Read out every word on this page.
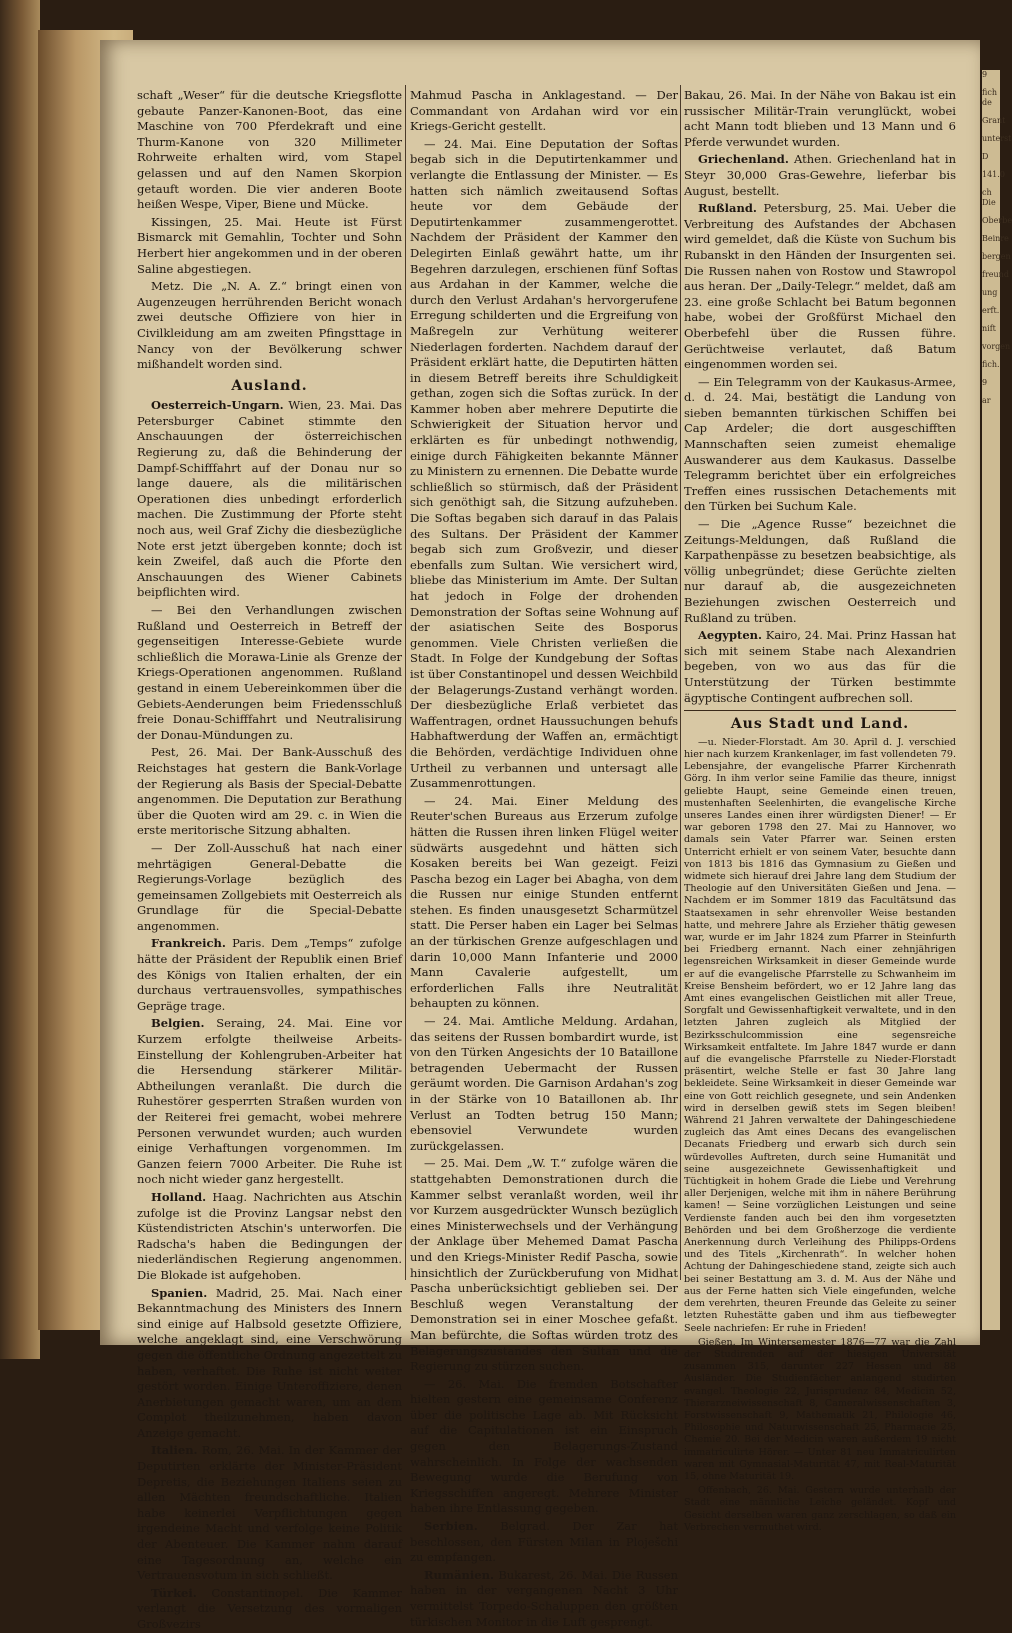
9
fich de
Grant
unterst
D
141.0
ch Die
Oberbe
Beinre
bergen
freund
ung
erft.
nift
vorgen
fich.
9
ar

schaft „Weser“ für die deutsche Kriegsflotte gebaute Panzer-Kanonen-Boot, das eine Maschine von 700 Pferdekraft und eine Thurm-Kanone von 320 Millimeter Rohrweite erhalten wird, vom Stapel gelassen und auf den Namen Skorpion getauft worden. Die vier anderen Boote heißen Wespe, Viper, Biene und Mücke.

Kissingen, 25. Mai. Heute ist Fürst Bismarck mit Gemahlin, Tochter und Sohn Herbert hier angekommen und in der oberen Saline abgestiegen.

Metz. Die „N. A. Z.“ bringt einen von Augenzeugen herrührenden Bericht wonach zwei deutsche Offiziere von hier in Civilkleidung am am zweiten Pfingsttage in Nancy von der Bevölkerung schwer mißhandelt worden sind.

Ausland.

Oesterreich-Ungarn. Wien, 23. Mai. Das Petersburger Cabinet stimmte den Anschauungen der österreichischen Regierung zu, daß die Behinderung der Dampf-Schifffahrt auf der Donau nur so lange dauere, als die militärischen Operationen dies unbedingt erforderlich machen. Die Zustimmung der Pforte steht noch aus, weil Graf Zichy die diesbezügliche Note erst jetzt übergeben konnte; doch ist kein Zweifel, daß auch die Pforte den Anschauungen des Wiener Cabinets beipflichten wird.

— Bei den Verhandlungen zwischen Rußland und Oesterreich in Betreff der gegenseitigen Interesse-Gebiete wurde schließlich die Morawa-Linie als Grenze der Kriegs-Operationen angenommen. Rußland gestand in einem Uebereinkommen über die Gebiets-Aenderungen beim Friedensschluß freie Donau-Schifffahrt und Neutralisirung der Donau-Mündungen zu.

Pest, 26. Mai. Der Bank-Ausschuß des Reichstages hat gestern die Bank-Vorlage der Regierung als Basis der Special-Debatte angenommen. Die Deputation zur Berathung über die Quoten wird am 29. c. in Wien die erste meritorische Sitzung abhalten.

— Der Zoll-Ausschuß hat nach einer mehrtägigen General-Debatte die Regierungs-Vorlage bezüglich des gemeinsamen Zollgebiets mit Oesterreich als Grundlage für die Special-Debatte angenommen.

Frankreich. Paris. Dem „Temps“ zufolge hätte der Präsident der Republik einen Brief des Königs von Italien erhalten, der ein durchaus vertrauensvolles, sympathisches Gepräge trage.

Belgien. Seraing, 24. Mai. Eine vor Kurzem erfolgte theilweise Arbeits-Einstellung der Kohlengruben-Arbeiter hat die Hersendung stärkerer Militär-Abtheilungen veranlaßt. Die durch die Ruhestörer gesperrten Straßen wurden von der Reiterei frei gemacht, wobei mehrere Personen verwundet wurden; auch wurden einige Verhaftungen vorgenommen. Im Ganzen feiern 7000 Arbeiter. Die Ruhe ist noch nicht wieder ganz hergestellt.

Holland. Haag. Nachrichten aus Atschin zufolge ist die Provinz Langsar nebst den Küstendistricten Atschin's unterworfen. Die Radscha's haben die Bedingungen der niederländischen Regierung angenommen. Die Blokade ist aufgehoben.

Spanien. Madrid, 25. Mai. Nach einer Bekanntmachung des Ministers des Innern sind einige auf Halbsold gesetzte Offiziere, welche angeklagt sind, eine Verschwörung gegen die öffentliche Ordnung angezettelt zu haben, verhaftet. Die Ruhe ist nicht weiter gestört worden. Einige Unteroffiziere, denen Anerbietungen gemacht waren, um an dem Complot theilzunehmen, haben davon Anzeige gemacht.

Italien. Rom, 26. Mai. In der Kammer der Deputirten erklärte der Minister-Präsident Depretis, die Beziehungen Italiens seien zu allen Mächten freundschaftliche. Italien habe keinerlei Verpflichtungen gegen irgendeine Macht und verfolge keine Politik der Abenteuer. Die Kammer nahm darauf eine Tagesordnung an, welche ein Vertrauensvotum in sich schließt.

Türkei. Constantinopel. Die Kammer verlangt die Versetzung des vormaligen Großvezirs

Mahmud Pascha in Anklagestand. — Der Commandant von Ardahan wird vor ein Kriegs-Gericht gestellt.

— 24. Mai. Eine Deputation der Softas begab sich in die Deputirtenkammer und verlangte die Entlassung der Minister. — Es hatten sich nämlich zweitausend Softas heute vor dem Gebäude der Deputirtenkammer zusammengerottet. Nachdem der Präsident der Kammer den Delegirten Einlaß gewährt hatte, um ihr Begehren darzulegen, erschienen fünf Softas aus Ardahan in der Kammer, welche die durch den Verlust Ardahan's hervorgerufene Erregung schilderten und die Ergreifung von Maßregeln zur Verhütung weiterer Niederlagen forderten. Nachdem darauf der Präsident erklärt hatte, die Deputirten hätten in diesem Betreff bereits ihre Schuldigkeit gethan, zogen sich die Softas zurück. In der Kammer hoben aber mehrere Deputirte die Schwierigkeit der Situation hervor und erklärten es für unbedingt nothwendig, einige durch Fähigkeiten bekannte Männer zu Ministern zu ernennen. Die Debatte wurde schließlich so stürmisch, daß der Präsident sich genöthigt sah, die Sitzung aufzuheben. Die Softas begaben sich darauf in das Palais des Sultans. Der Präsident der Kammer begab sich zum Großvezir, und dieser ebenfalls zum Sultan. Wie versichert wird, bliebe das Ministerium im Amte. Der Sultan hat jedoch in Folge der drohenden Demonstration der Softas seine Wohnung auf der asiatischen Seite des Bosporus genommen. Viele Christen verließen die Stadt. In Folge der Kundgebung der Softas ist über Constantinopel und dessen Weichbild der Belagerungs-Zustand verhängt worden. Der diesbezügliche Erlaß verbietet das Waffentragen, ordnet Haussuchungen behufs Habhaftwerdung der Waffen an, ermächtigt die Behörden, verdächtige Individuen ohne Urtheil zu verbannen und untersagt alle Zusammenrottungen.

— 24. Mai. Einer Meldung des Reuter'schen Bureaus aus Erzerum zufolge hätten die Russen ihren linken Flügel weiter südwärts ausgedehnt und hätten sich Kosaken bereits bei Wan gezeigt. Feizi Pascha bezog ein Lager bei Abagha, von dem die Russen nur einige Stunden entfernt stehen. Es finden unausgesetzt Scharmützel statt. Die Perser haben ein Lager bei Selmas an der türkischen Grenze aufgeschlagen und darin 10,000 Mann Infanterie und 2000 Mann Cavalerie aufgestellt, um erforderlichen Falls ihre Neutralität behaupten zu können.

— 24. Mai. Amtliche Meldung. Ardahan, das seitens der Russen bombardirt wurde, ist von den Türken Angesichts der 10 Bataillone betragenden Uebermacht der Russen geräumt worden. Die Garnison Ardahan's zog in der Stärke von 10 Bataillonen ab. Ihr Verlust an Todten betrug 150 Mann; ebensoviel Verwundete wurden zurückgelassen.

— 25. Mai. Dem „W. T.“ zufolge wären die stattgehabten Demonstrationen durch die Kammer selbst veranlaßt worden, weil ihr vor Kurzem ausgedrückter Wunsch bezüglich eines Ministerwechsels und der Verhängung der Anklage über Mehemed Damat Pascha und den Kriegs-Minister Redif Pascha, sowie hinsichtlich der Zurückberufung von Midhat Pascha unberücksichtigt geblieben sei. Der Beschluß wegen Veranstaltung der Demonstration sei in einer Moschee gefaßt. Man befürchte, die Softas würden trotz des Belagerungszustandes den Sultan und die Regierung zu stürzen suchen.

— 26. Mai. Die fremden Botschafter hielten gestern eine gemeinsame Conferenz über die politische Lage ab. Mit Rücksicht auf die Capitulationen ist ein Einspruch gegen den Belagerungs-Zustand wahrscheinlich. In Folge der wachsenden Bewegung wurde die Berufung von Kriegsschiffen angeregt. Mehrere Minister haben ihre Entlassung gegeben.

Serbien. Belgrad. Der Zar hat beschlossen, den Fürsten Milan in Ploješchi zu empfangen.

Rumänien. Bukarest, 26. Mai. Die Russen haben in der vergangenen Nacht 3 Uhr vermittelst Torpedo-Schaluppen den größten türkischen Monitor in die Luft gesprengt.

Bakau, 26. Mai. In der Nähe von Bakau ist ein russischer Militär-Train verunglückt, wobei acht Mann todt blieben und 13 Mann und 6 Pferde verwundet wurden.

Griechenland. Athen. Griechenland hat in Steyr 30,000 Gras-Gewehre, lieferbar bis August, bestellt.

Rußland. Petersburg, 25. Mai. Ueber die Verbreitung des Aufstandes der Abchasen wird gemeldet, daß die Küste von Suchum bis Rubanskt in den Händen der Insurgenten sei. Die Russen nahen von Rostow und Stawropol aus heran. Der „Daily-Telegr.“ meldet, daß am 23. eine große Schlacht bei Batum begonnen habe, wobei der Großfürst Michael den Oberbefehl über die Russen führe. Gerüchtweise verlautet, daß Batum eingenommen worden sei.

— Ein Telegramm von der Kaukasus-Armee, d. d. 24. Mai, bestätigt die Landung von sieben bemannten türkischen Schiffen bei Cap Ardeler; die dort ausgeschifften Mannschaften seien zumeist ehemalige Auswanderer aus dem Kaukasus. Dasselbe Telegramm berichtet über ein erfolgreiches Treffen eines russischen Detachements mit den Türken bei Suchum Kale.

— Die „Agence Russe“ bezeichnet die Zeitungs-Meldungen, daß Rußland die Karpathenpässe zu besetzen beabsichtige, als völlig unbegründet; diese Gerüchte zielten nur darauf ab, die ausgezeichneten Beziehungen zwischen Oesterreich und Rußland zu trüben.

Aegypten. Kairo, 24. Mai. Prinz Hassan hat sich mit seinem Stabe nach Alexandrien begeben, von wo aus das für die Unterstützung der Türken bestimmte ägyptische Contingent aufbrechen soll.

Aus Stadt und Land.

—u. Nieder-Florstadt. Am 30. April d. J. verschied hier nach kurzem Krankenlager, im fast vollendeten 79. Lebensjahre, der evangelische Pfarrer Kirchenrath Görg. In ihm verlor seine Familie das theure, innigst geliebte Haupt, seine Gemeinde einen treuen, mustenhaften Seelenhirten, die evangelische Kirche unseres Landes einen ihrer würdigsten Diener! — Er war geboren 1798 den 27. Mai zu Hannover, wo damals sein Vater Pfarrer war. Seinen ersten Unterricht erhielt er von seinem Vater, besuchte dann von 1813 bis 1816 das Gymnasium zu Gießen und widmete sich hierauf drei Jahre lang dem Studium der Theologie auf den Universitäten Gießen und Jena. — Nachdem er im Sommer 1819 das Facultätsund das Staatsexamen in sehr ehrenvoller Weise bestanden hatte, und mehrere Jahre als Erzieher thätig gewesen war, wurde er im Jahr 1824 zum Pfarrer in Steinfurth bei Friedberg ernannt. Nach einer zehnjährigen legensreichen Wirksamkeit in dieser Gemeinde wurde er auf die evangelische Pfarrstelle zu Schwanheim im Kreise Bensheim befördert, wo er 12 Jahre lang das Amt eines evangelischen Geistlichen mit aller Treue, Sorgfalt und Gewissenhaftigkeit verwaltete, und in den letzten Jahren zugleich als Mitglied der Bezirksschulcommission eine segensreiche Wirksamkeit entfaltete. Im Jahre 1847 wurde er dann auf die evangelische Pfarrstelle zu Nieder-Florstadt präsentirt, welche Stelle er fast 30 Jahre lang bekleidete. Seine Wirksamkeit in dieser Gemeinde war eine von Gott reichlich gesegnete, und sein Andenken wird in derselben gewiß stets im Segen bleiben! Während 21 Jahren verwaltete der Dahingeschiedene zugleich das Amt eines Decans des evangelischen Decanats Friedberg und erwarb sich durch sein würdevolles Auftreten, durch seine Humanität und seine ausgezeichnete Gewissenhaftigkeit und Tüchtigkeit in hohem Grade die Liebe und Verehrung aller Derjenigen, welche mit ihm in nähere Berührung kamen! — Seine vorzüglichen Leistungen und seine Verdienste fanden auch bei den ihm vorgesetzten Behörden und bei dem Großherzoge die verdiente Anerkennung durch Verleihung des Philipps-Ordens und des Titels „Kirchenrath“. In welcher hohen Achtung der Dahingeschiedene stand, zeigte sich auch bei seiner Bestattung am 3. d. M. Aus der Nähe und aus der Ferne hatten sich Viele eingefunden, welche dem verehrten, theuren Freunde das Geleite zu seiner letzten Ruhestätte gaben und ihm aus tiefbewegter Seele nachriefen: Er ruhe in Frieden!

Gießen. Im Wintersemester 1876—77 war die Zahl der Studirenden auf der hiesigen Universität zusammen 315, darunter 227 Hessen und 88 Ausländer. Die Studienfächer anlangend studirten evangel. Theologie 22, Jurisprudenz 84, Medicin 52, Thierarzneiwissenschaft 8, Cameralwissenschaften 3, Forstwissenschaft 9, Mathematik 21, Philologie 46, Philosophie und Naturwissenschaft 25, Pharmacie 25, Chemie 20. Bei der Medicin waren außerdem 19 nicht immatriculirte Hörer. — Unter 81 neu Immatriculirten waren mit Gymnasial-Maturität 47, mit Real-Maturität 15, ohne Maturität 19.

Offenbach, 26. Mai. Gestern wurde unterhalb der Stadt eine männliche Leiche geländet. Kopf und Gesicht derselben waren ganz zerschlagen, so daß ein Verbrechen vermuthet wird.
